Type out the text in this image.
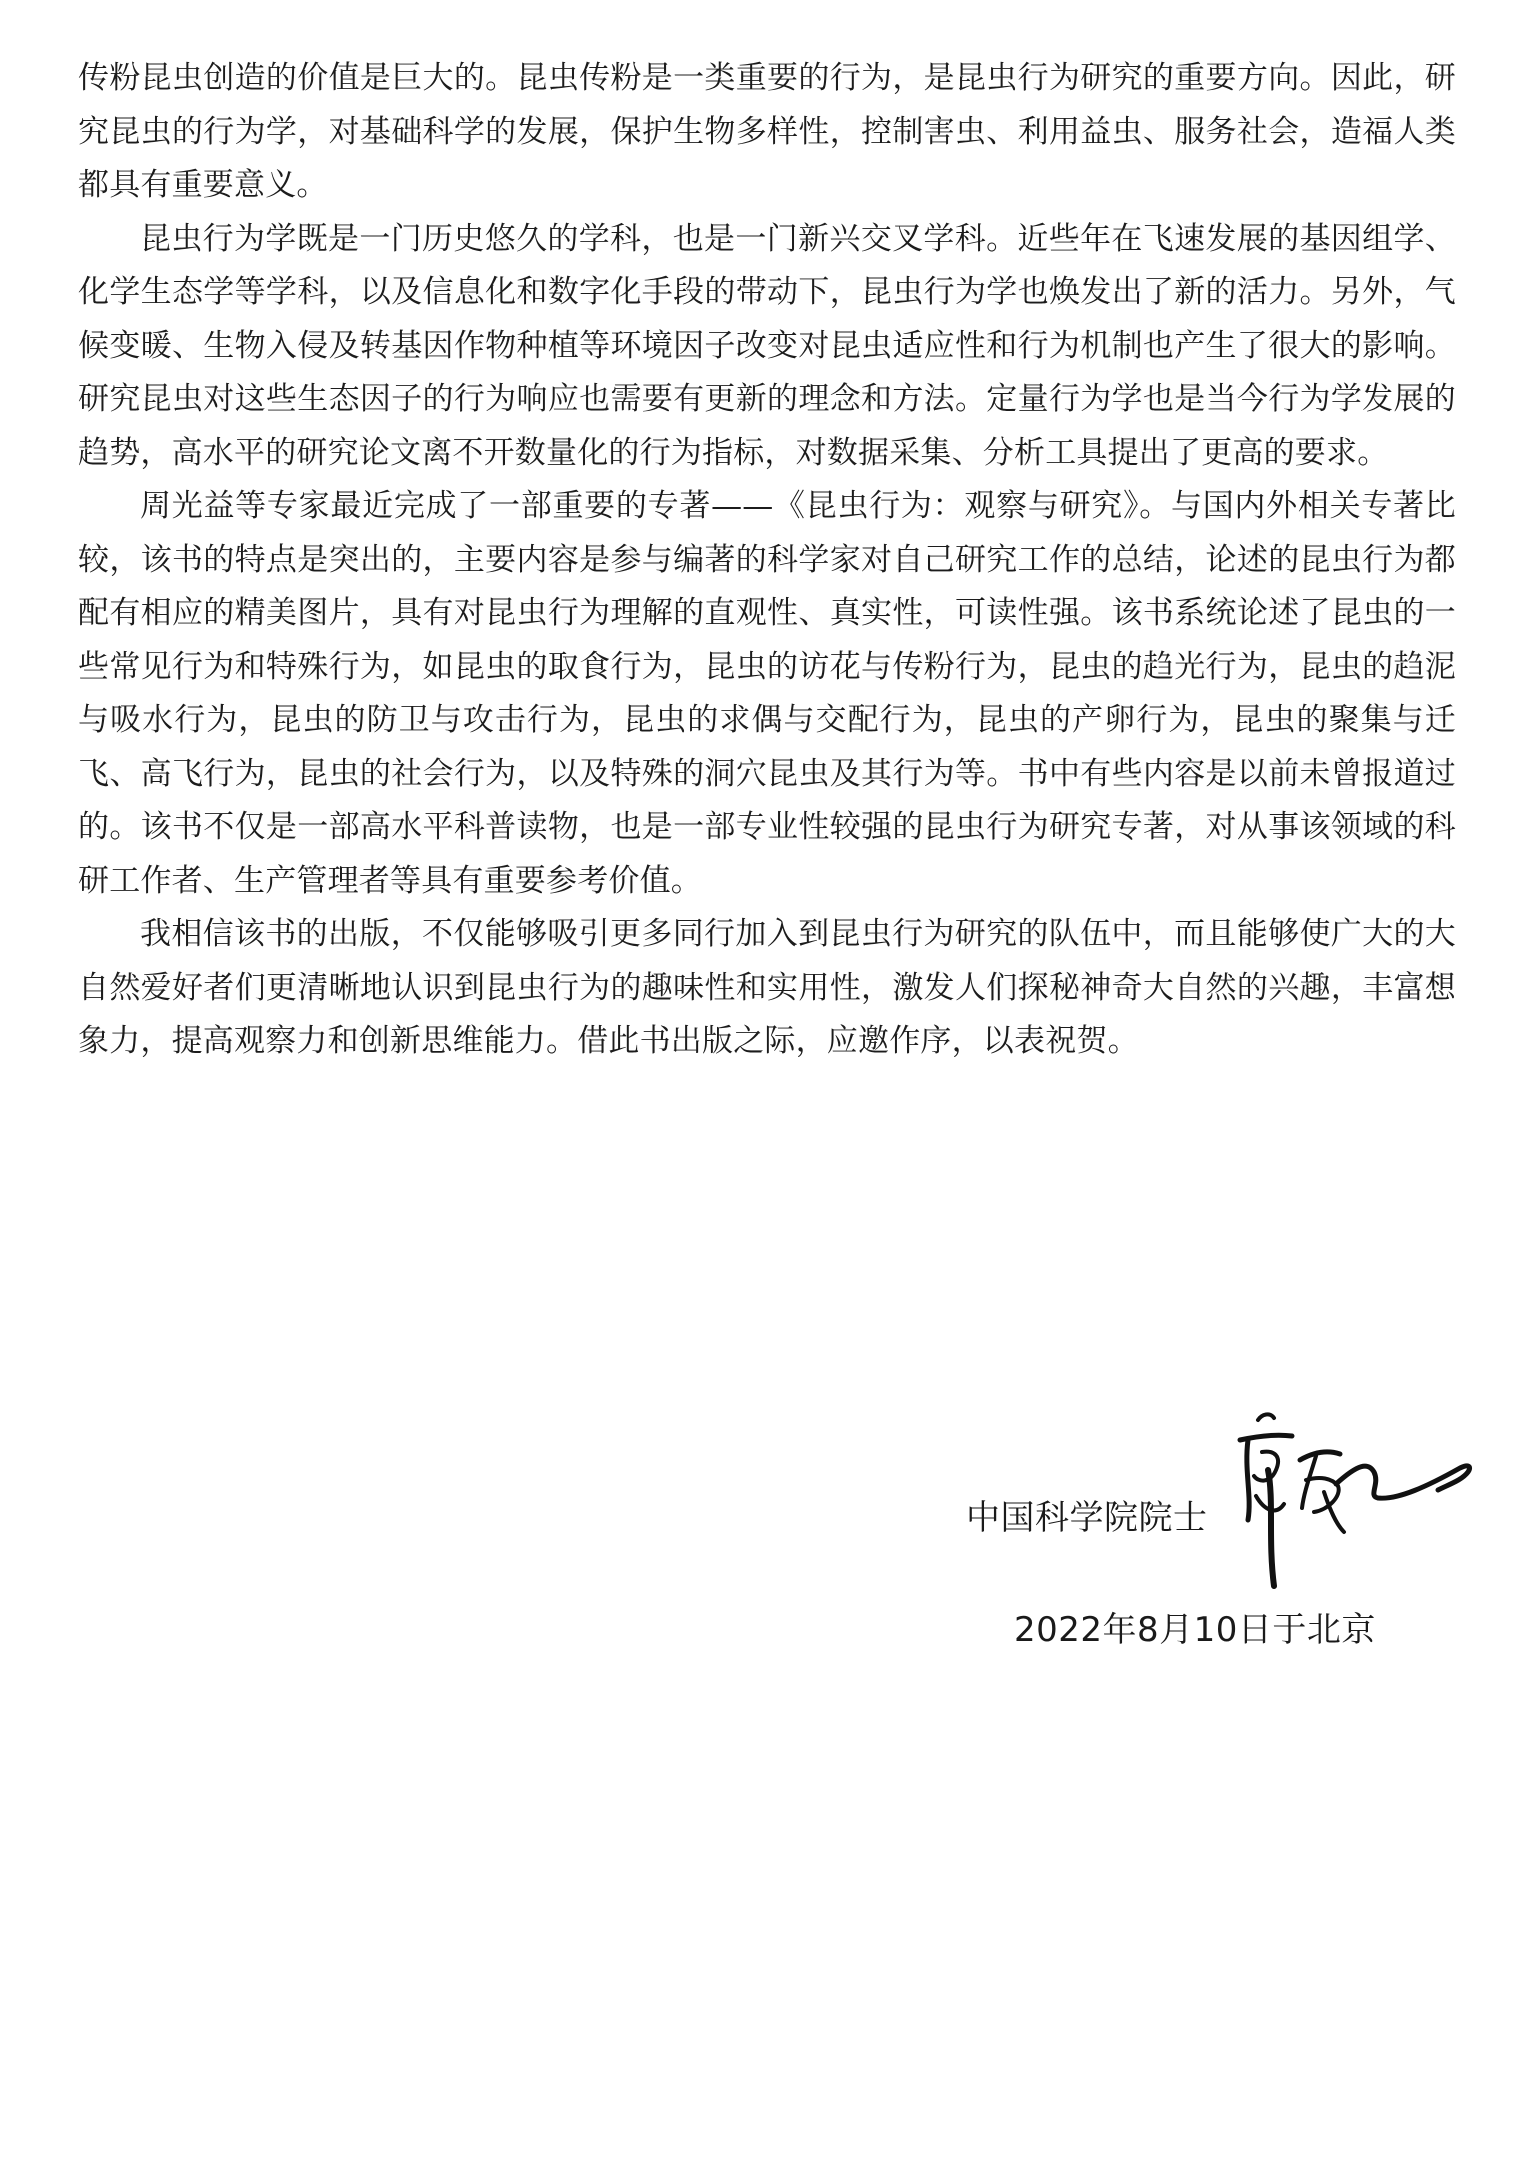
传粉昆虫创造的价值是巨大的。昆虫传粉是一类重要的行为，是昆虫行为研究的重要方向。因此，研究昆虫的行为学，对基础科学的发展，保护生物多样性，控制害虫、利用益虫、服务社会，造福人类都具有重要意义。

昆虫行为学既是一门历史悠久的学科，也是一门新兴交叉学科。近些年在飞速发展的基因组学、化学生态学等学科，以及信息化和数字化手段的带动下，昆虫行为学也焕发出了新的活力。另外，气候变暖、生物入侵及转基因作物种植等环境因子改变对昆虫适应性和行为机制也产生了很大的影响。研究昆虫对这些生态因子的行为响应也需要有更新的理念和方法。定量行为学也是当今行为学发展的趋势，高水平的研究论文离不开数量化的行为指标，对数据采集、分析工具提出了更高的要求。

周光益等专家最近完成了一部重要的专著——《昆虫行为：观察与研究》。与国内外相关专著比较，该书的特点是突出的，主要内容是参与编著的科学家对自己研究工作的总结，论述的昆虫行为都配有相应的精美图片，具有对昆虫行为理解的直观性、真实性，可读性强。该书系统论述了昆虫的一些常见行为和特殊行为，如昆虫的取食行为，昆虫的访花与传粉行为，昆虫的趋光行为，昆虫的趋泥与吸水行为，昆虫的防卫与攻击行为，昆虫的求偶与交配行为，昆虫的产卵行为，昆虫的聚集与迁飞、高飞行为，昆虫的社会行为，以及特殊的洞穴昆虫及其行为等。书中有些内容是以前未曾报道过的。该书不仅是一部高水平科普读物，也是一部专业性较强的昆虫行为研究专著，对从事该领域的科研工作者、生产管理者等具有重要参考价值。

我相信该书的出版，不仅能够吸引更多同行加入到昆虫行为研究的队伍中，而且能够使广大的大自然爱好者们更清晰地认识到昆虫行为的趣味性和实用性，激发人们探秘神奇大自然的兴趣，丰富想象力，提高观察力和创新思维能力。借此书出版之际，应邀作序，以表祝贺。

中国科学院院士
2022年8月10日于北京
